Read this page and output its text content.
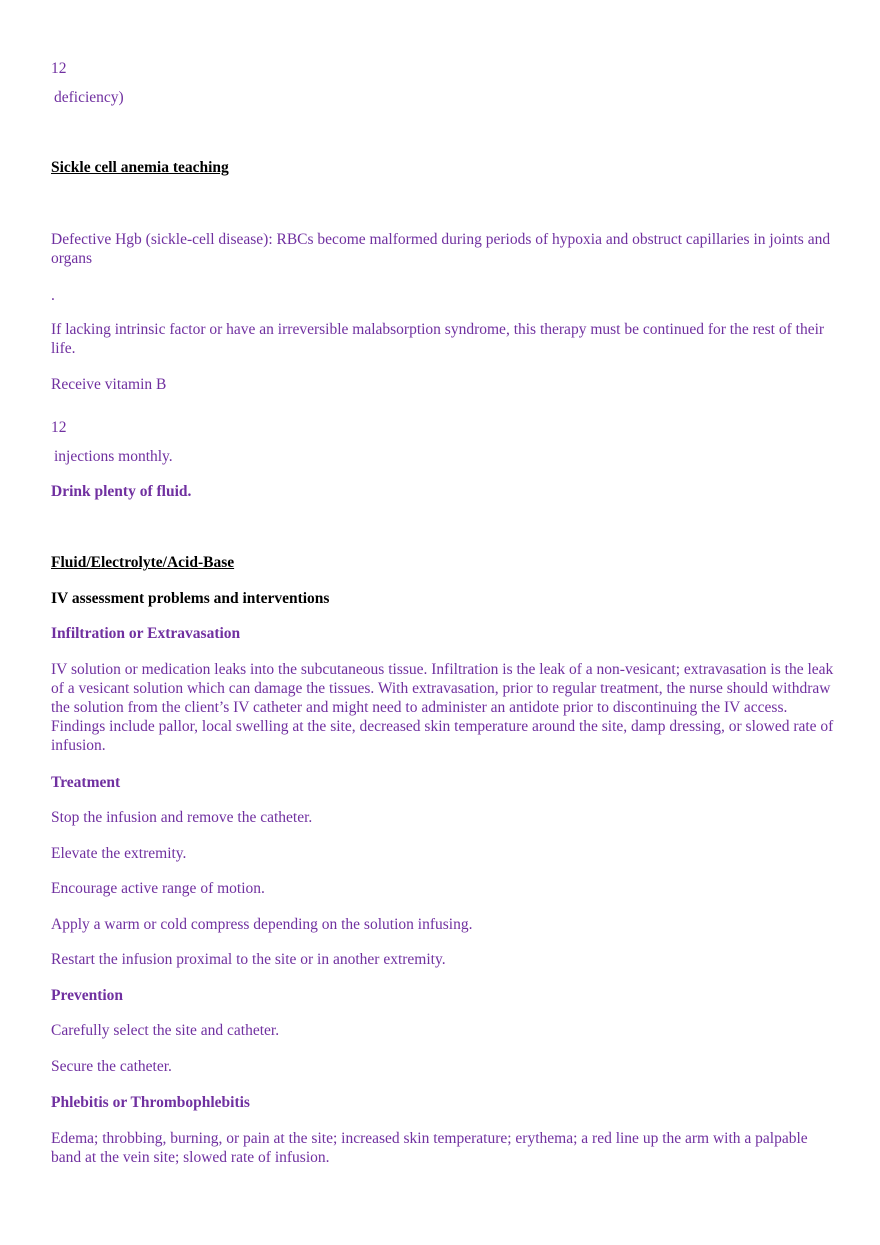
12
deficiency)
Sickle cell anemia teaching
Defective Hgb (sickle-cell disease): RBCs become malformed during periods of hypoxia and obstruct capillaries in joints and organs
.
If lacking intrinsic factor or have an irreversible malabsorption syndrome, this therapy must be continued for the rest of their life.
Receive vitamin B
12
injections monthly.
Drink plenty of fluid.
Fluid/Electrolyte/Acid-Base
IV assessment problems and interventions
Infiltration or Extravasation
IV solution or medication leaks into the subcutaneous tissue. Infiltration is the leak of a non-vesicant; extravasation is the leak of a vesicant solution which can damage the tissues. With extravasation, prior to regular treatment, the nurse should withdraw the solution from the client’s IV catheter and might need to administer an antidote prior to discontinuing the IV access. Findings include pallor, local swelling at the site, decreased skin temperature around the site, damp dressing, or slowed rate of infusion.
Treatment
Stop the infusion and remove the catheter.
Elevate the extremity.
Encourage active range of motion.
Apply a warm or cold compress depending on the solution infusing.
Restart the infusion proximal to the site or in another extremity.
Prevention
Carefully select the site and catheter.
Secure the catheter.
Phlebitis or Thrombophlebitis
Edema; throbbing, burning, or pain at the site; increased skin temperature; erythema; a red line up the arm with a palpable band at the vein site; slowed rate of infusion.
